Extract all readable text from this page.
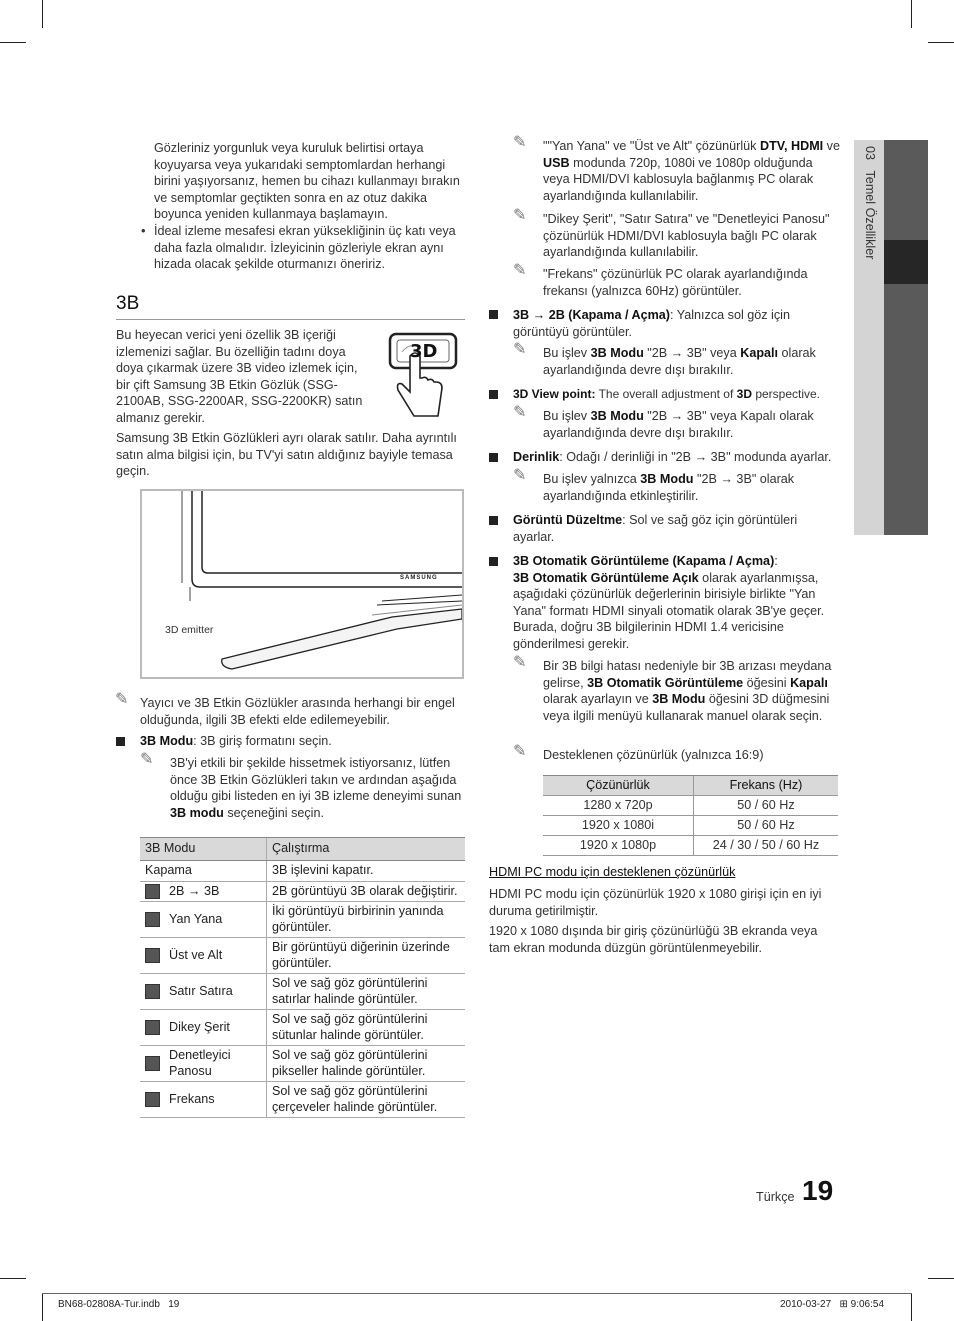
03   Temel Özellikler

Gözleriniz yorgunluk veya kuruluk belirtisi ortaya koyuyarsa veya yukarıdaki semptomlardan herhangi birini yaşıyorsanız, hemen bu cihazı kullanmayı bırakın ve semptomlar geçtikten sonra en az otuz dakika boyunca yeniden kullanmaya başlamayın.

• İdeal izleme mesafesi ekran yüksekliğinin üç katı veya daha fazla olmalıdır. İzleyicinin gözleriyle ekran aynı hizada olacak şekilde oturmanızı öneririz.

3B

Bu heyecan verici yeni özellik 3B içeriği izlemenizi sağlar. Bu özelliğin tadını doya doya çıkarmak üzere 3B video izlemek için, bir çift Samsung 3B Etkin Gözlük (SSG-2100AB, SSG-2200AR, SSG-2200KR) satın almanız gerekir.

3D

Samsung 3B Etkin Gözlükleri ayrı olarak satılır. Daha ayrıntılı satın alma bilgisi için, bu TV'yi satın aldığınız bayiyle temasa geçin.

SAMSUNG
3D emitter
✎ Yayıcı ve 3B Etkin Gözlükler arasında herhangi bir engel olduğunda, ilgili 3B efekti elde edilemeyebilir.

3B Modu: 3B giriş formatını seçin.

✎ 3B'yi etkili bir şekilde hissetmek istiyorsanız, lütfen önce 3B Etkin Gözlükleri takın ve ardından aşağıda olduğu gibi listeden en iyi 3B izleme deneyimi sunan 3B modu seçeneğini seçin.

3B Modu	Çalıştırma
Kapama	3B işlevini kapatır.
2B → 3B	2B görüntüyü 3B olarak değiştirir.
Yan Yana	İki görüntüyü birbirinin yanında görüntüler.
Üst ve Alt	Bir görüntüyü diğerinin üzerinde görüntüler.
Satır Satıra	Sol ve sağ göz görüntülerini satırlar halinde görüntüler.
Dikey Şerit	Sol ve sağ göz görüntülerini sütunlar halinde görüntüler.
Denetleyici Panosu	Sol ve sağ göz görüntülerini pikseller halinde görüntüler.
Frekans	Sol ve sağ göz görüntülerini çerçeveler halinde görüntüler.
✎ ""Yan Yana" ve "Üst ve Alt" çözünürlük DTV, HDMI ve USB modunda 720p, 1080i ve 1080p olduğunda veya HDMI/DVI kablosuyla bağlanmış PC olarak ayarlandığında kullanılabilir.

✎ "Dikey Şerit", "Satır Satıra" ve "Denetleyici Panosu" çözünürlük HDMI/DVI kablosuyla bağlı PC olarak ayarlandığında kullanılabilir.

✎ "Frekans" çözünürlük PC olarak ayarlandığında frekansı (yalnızca 60Hz) görüntüler.

3B → 2B (Kapama / Açma): Yalnızca sol göz için görüntüyü görüntüler.

✎ Bu işlev 3B Modu "2B → 3B" veya Kapalı olarak ayarlandığında devre dışı bırakılır.

3D View point: The overall adjustment of 3D perspective.

✎ Bu işlev 3B Modu "2B → 3B" veya Kapalı olarak ayarlandığında devre dışı bırakılır.

Derinlik: Odağı / derinliği in "2B → 3B" modunda ayarlar.

✎ Bu işlev yalnızca 3B Modu "2B → 3B" olarak ayarlandığında etkinleştirilir.

Görüntü Düzeltme: Sol ve sağ göz için görüntüleri ayarlar.

3B Otomatik Görüntüleme (Kapama / Açma):
3B Otomatik Görüntüleme Açık olarak ayarlanmışsa, aşağıdaki çözünürlük değerlerinin birisiyle birlikte "Yan Yana" formatı HDMI sinyali otomatik olarak 3B'ye geçer. Burada, doğru 3B bilgilerinin HDMI 1.4 vericisine gönderilmesi gerekir.

✎ Bir 3B bilgi hatası nedeniyle bir 3B arızası meydana gelirse, 3B Otomatik Görüntüleme öğesini Kapalı olarak ayarlayın ve 3B Modu öğesini 3D düğmesini veya ilgili menüyü kullanarak manuel olarak seçin.

✎ Desteklenen çözünürlük (yalnızca 16:9)

Çözünürlük	Frekans (Hz)
1280 x 720p	50 / 60 Hz
1920 x 1080i	50 / 60 Hz
1920 x 1080p	24 / 30 / 50 / 60 Hz

HDMI PC modu için desteklenen çözünürlük

HDMI PC modu için çözünürlük 1920 x 1080 girişi için en iyi duruma getirilmiştir.

1920 x 1080 dışında bir giriş çözünürlüğü 3B ekranda veya tam ekran modunda düzgün görüntülenmeyebilir.

Türkçe 19
BN68-02808A-Tur.indb   19	2010-03-27   ⊞ 9:06:54
